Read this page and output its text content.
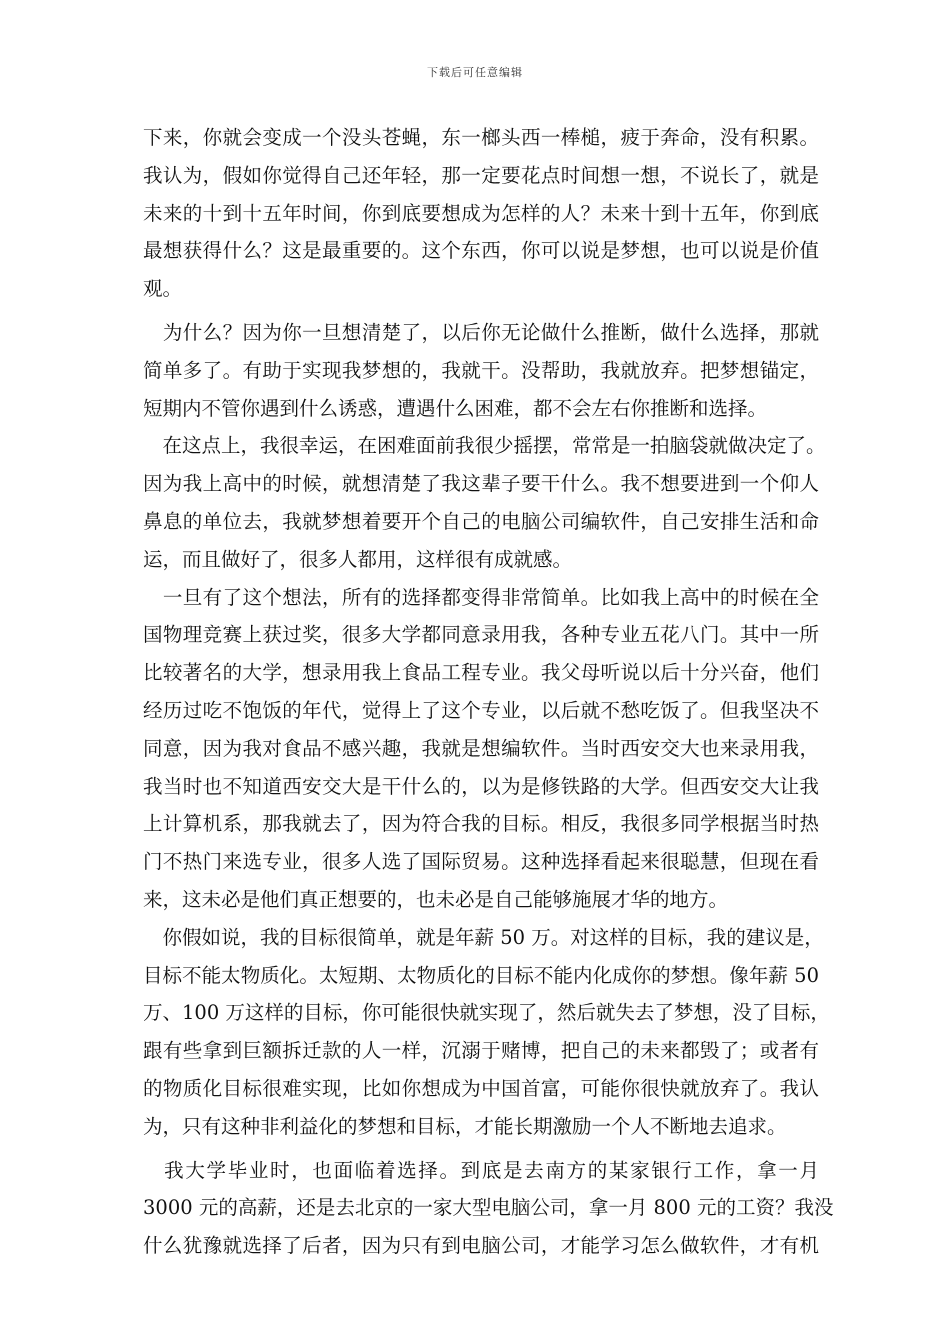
下载后可任意编辑
下来，你就会变成一个没头苍蝇，东一榔头西一棒槌，疲于奔命，没有积累。
我认为，假如你觉得自己还年轻，那一定要花点时间想一想，不说长了，就是
未来的十到十五年时间，你到底要想成为怎样的人？未来十到十五年，你到底
最想获得什么？这是最重要的。这个东西，你可以说是梦想，也可以说是价值
观。
　为什么？因为你一旦想清楚了，以后你无论做什么推断，做什么选择，那就
简单多了。有助于实现我梦想的，我就干。没帮助，我就放弃。把梦想锚定，
短期内不管你遇到什么诱惑，遭遇什么困难，都不会左右你推断和选择。
　在这点上，我很幸运，在困难面前我很少摇摆，常常是一拍脑袋就做决定了。
因为我上高中的时候，就想清楚了我这辈子要干什么。我不想要进到一个仰人
鼻息的单位去，我就梦想着要开个自己的电脑公司编软件，自己安排生活和命
运，而且做好了，很多人都用，这样很有成就感。
　一旦有了这个想法，所有的选择都变得非常简单。比如我上高中的时候在全
国物理竞赛上获过奖，很多大学都同意录用我，各种专业五花八门。其中一所
比较著名的大学，想录用我上食品工程专业。我父母听说以后十分兴奋，他们
经历过吃不饱饭的年代，觉得上了这个专业，以后就不愁吃饭了。但我坚决不
同意，因为我对食品不感兴趣，我就是想编软件。当时西安交大也来录用我，
我当时也不知道西安交大是干什么的，以为是修铁路的大学。但西安交大让我
上计算机系，那我就去了，因为符合我的目标。相反，我很多同学根据当时热
门不热门来选专业，很多人选了国际贸易。这种选择看起来很聪慧，但现在看
来，这未必是他们真正想要的，也未必是自己能够施展才华的地方。
　你假如说，我的目标很简单，就是年薪 50 万。对这样的目标，我的建议是，
目标不能太物质化。太短期、太物质化的目标不能内化成你的梦想。像年薪 50
万、100 万这样的目标，你可能很快就实现了，然后就失去了梦想，没了目标，
跟有些拿到巨额拆迁款的人一样，沉溺于赌博，把自己的未来都毁了；或者有
的物质化目标很难实现，比如你想成为中国首富，可能你很快就放弃了。我认
为，只有这种非利益化的梦想和目标，才能长期激励一个人不断地去追求。
　我大学毕业时，也面临着选择。到底是去南方的某家银行工作，拿一月
3000 元的高薪，还是去北京的一家大型电脑公司，拿一月 800 元的工资？我没
什么犹豫就选择了后者，因为只有到电脑公司，才能学习怎么做软件，才有机
